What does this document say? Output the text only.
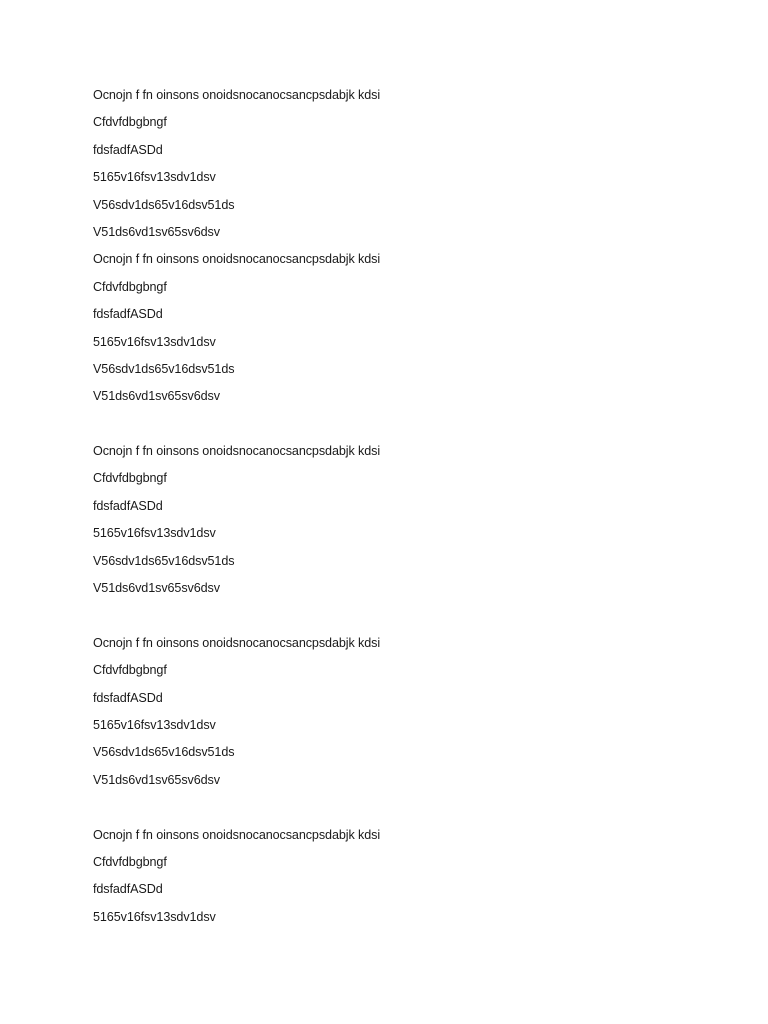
Ocnojn f fn oinsons onoidsnocanocsancpsdabjk kdsi
Cfdvfdbgbngf
fdsfadfASDd
5165v16fsv13sdv1dsv
V56sdv1ds65v16dsv51ds
V51ds6vd1sv65sv6dsv
Ocnojn f fn oinsons onoidsnocanocsancpsdabjk kdsi
Cfdvfdbgbngf
fdsfadfASDd
5165v16fsv13sdv1dsv
V56sdv1ds65v16dsv51ds
V51ds6vd1sv65sv6dsv
Ocnojn f fn oinsons onoidsnocanocsancpsdabjk kdsi
Cfdvfdbgbngf
fdsfadfASDd
5165v16fsv13sdv1dsv
V56sdv1ds65v16dsv51ds
V51ds6vd1sv65sv6dsv
Ocnojn f fn oinsons onoidsnocanocsancpsdabjk kdsi
Cfdvfdbgbngf
fdsfadfASDd
5165v16fsv13sdv1dsv
V56sdv1ds65v16dsv51ds
V51ds6vd1sv65sv6dsv
Ocnojn f fn oinsons onoidsnocanocsancpsdabjk kdsi
Cfdvfdbgbngf
fdsfadfASDd
5165v16fsv13sdv1dsv
